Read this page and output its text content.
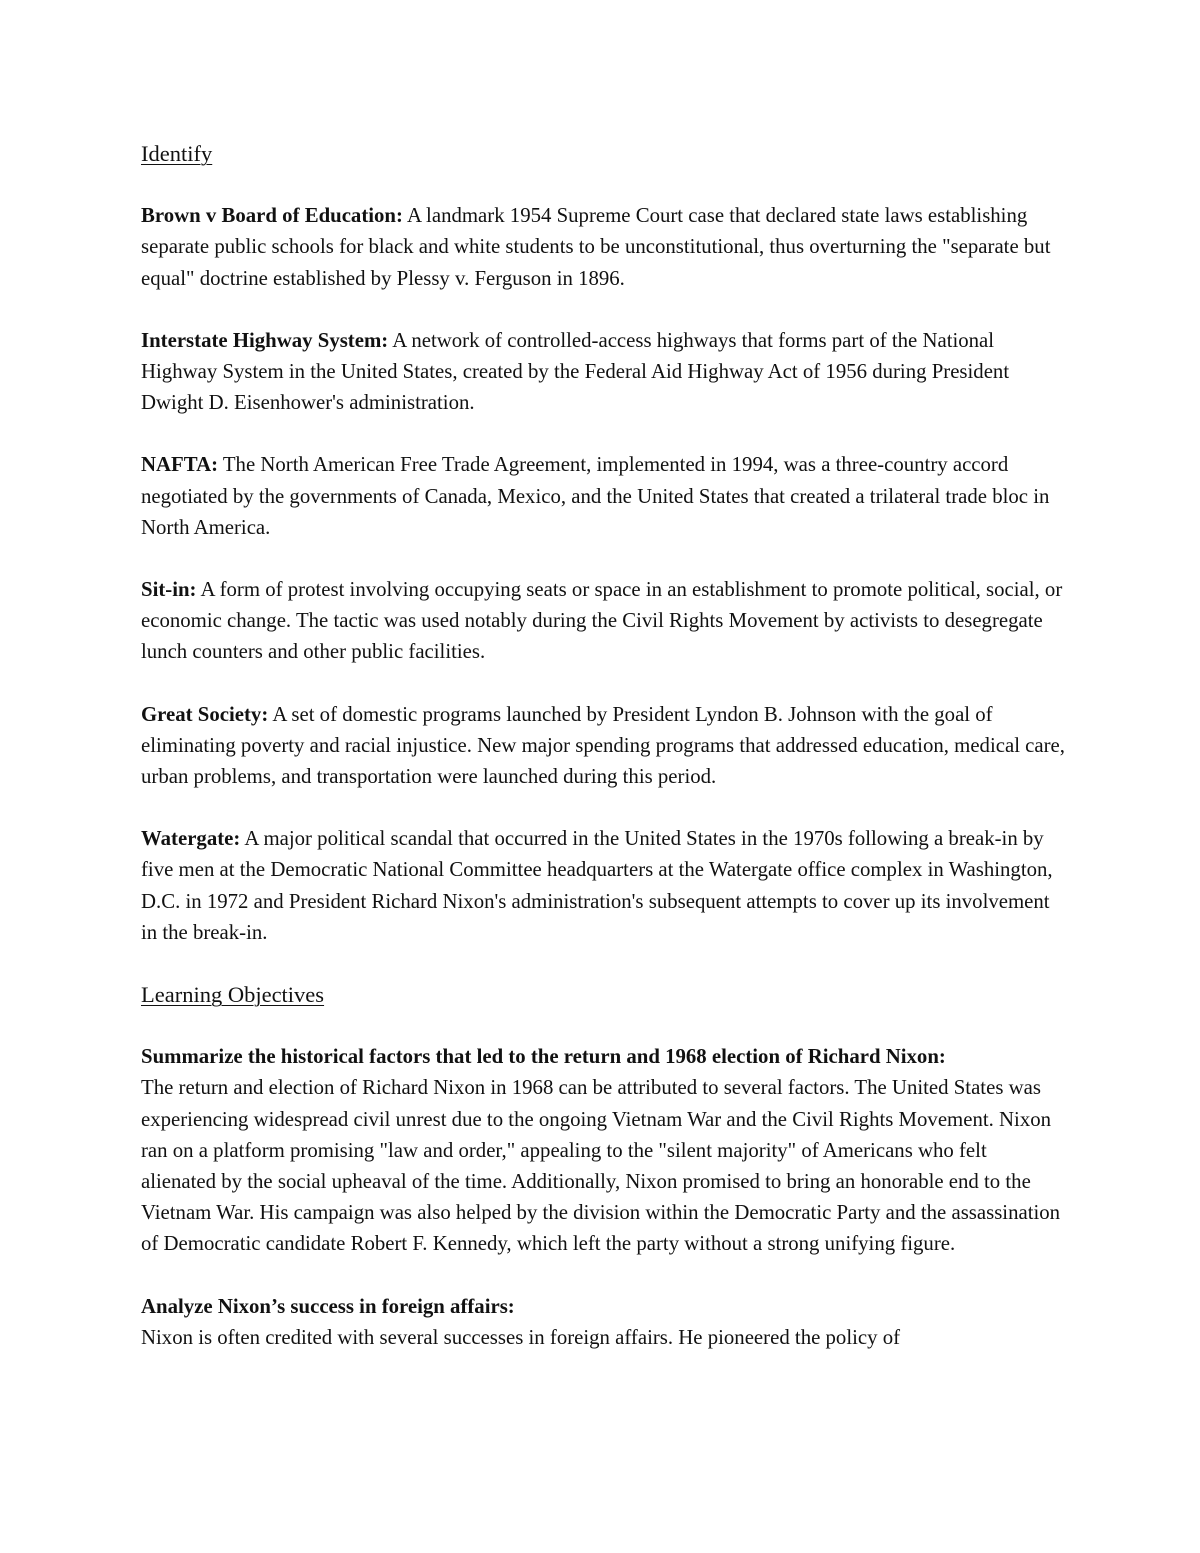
Identify

Brown v Board of Education: A landmark 1954 Supreme Court case that declared state laws establishing separate public schools for black and white students to be unconstitutional, thus overturning the "separate but equal" doctrine established by Plessy v. Ferguson in 1896.

Interstate Highway System: A network of controlled-access highways that forms part of the National Highway System in the United States, created by the Federal Aid Highway Act of 1956 during President Dwight D. Eisenhower's administration.

NAFTA: The North American Free Trade Agreement, implemented in 1994, was a three-country accord negotiated by the governments of Canada, Mexico, and the United States that created a trilateral trade bloc in North America.

Sit-in: A form of protest involving occupying seats or space in an establishment to promote political, social, or economic change. The tactic was used notably during the Civil Rights Movement by activists to desegregate lunch counters and other public facilities.

Great Society: A set of domestic programs launched by President Lyndon B. Johnson with the goal of eliminating poverty and racial injustice. New major spending programs that addressed education, medical care, urban problems, and transportation were launched during this period.

Watergate: A major political scandal that occurred in the United States in the 1970s following a break-in by five men at the Democratic National Committee headquarters at the Watergate office complex in Washington, D.C. in 1972 and President Richard Nixon's administration's subsequent attempts to cover up its involvement in the break-in.

Learning Objectives

Summarize the historical factors that led to the return and 1968 election of Richard Nixon:
The return and election of Richard Nixon in 1968 can be attributed to several factors. The United States was experiencing widespread civil unrest due to the ongoing Vietnam War and the Civil Rights Movement. Nixon ran on a platform promising "law and order," appealing to the "silent majority" of Americans who felt alienated by the social upheaval of the time. Additionally, Nixon promised to bring an honorable end to the Vietnam War. His campaign was also helped by the division within the Democratic Party and the assassination of Democratic candidate Robert F. Kennedy, which left the party without a strong unifying figure.

Analyze Nixon’s success in foreign affairs:
Nixon is often credited with several successes in foreign affairs. He pioneered the policy of
